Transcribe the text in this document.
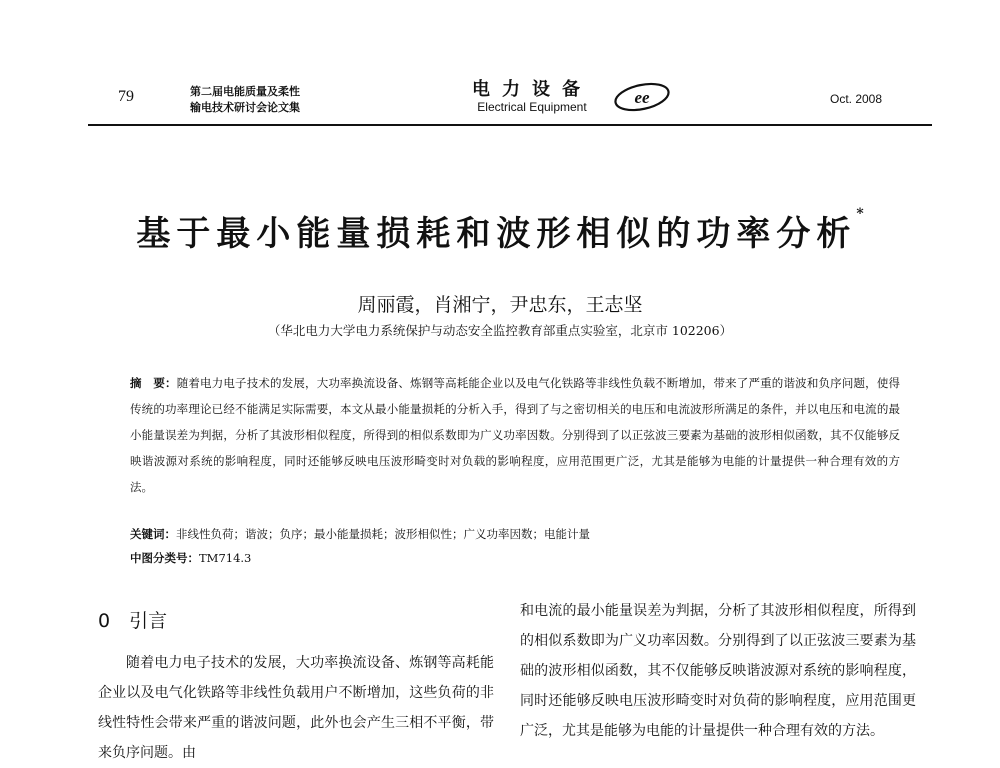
79	第二届电能质量及柔性
输电技术研讨会论文集
电力设备
Electrical Equipment	ee	Oct. 2008
基于最小能量损耗和波形相似的功率分析*
周丽霞，肖湘宁，尹忠东，王志坚
（华北电力大学电力系统保护与动态安全监控教育部重点实验室，北京市 102206）
摘　要：随着电力电子技术的发展，大功率换流设备、炼钢等高耗能企业以及电气化铁路等非线性负载不断增加，带来了严重的谐波和负序问题，使得传统的功率理论已经不能满足实际需要，本文从最小能量损耗的分析入手，得到了与之密切相关的电压和电流波形所满足的条件，并以电压和电流的最小能量误差为判据，分析了其波形相似程度，所得到的相似系数即为广义功率因数。分别得到了以正弦波三要素为基础的波形相似函数，其不仅能够反映谐波源对系统的影响程度，同时还能够反映电压波形畸变时对负载的影响程度，应用范围更广泛，尤其是能够为电能的计量提供一种合理有效的方法。
关键词：非线性负荷；谐波；负序；最小能量损耗；波形相似性；广义功率因数；电能计量
中图分类号：TM714.3
0　引言
随着电力电子技术的发展，大功率换流设备、炼钢等高耗能企业以及电气化铁路等非线性负载用户不断增加，这些负荷的非线性特性会带来严重的谐波问题，此外也会产生三相不平衡，带来负序问题。由
和电流的最小能量误差为判据，分析了其波形相似程度，所得到的相似系数即为广义功率因数。分别得到了以正弦波三要素为基础的波形相似函数，其不仅能够反映谐波源对系统的影响程度，同时还能够反映电压波形畸变时对负荷的影响程度，应用范围更广泛，尤其是能够为电能的计量提供一种合理有效的方法。
